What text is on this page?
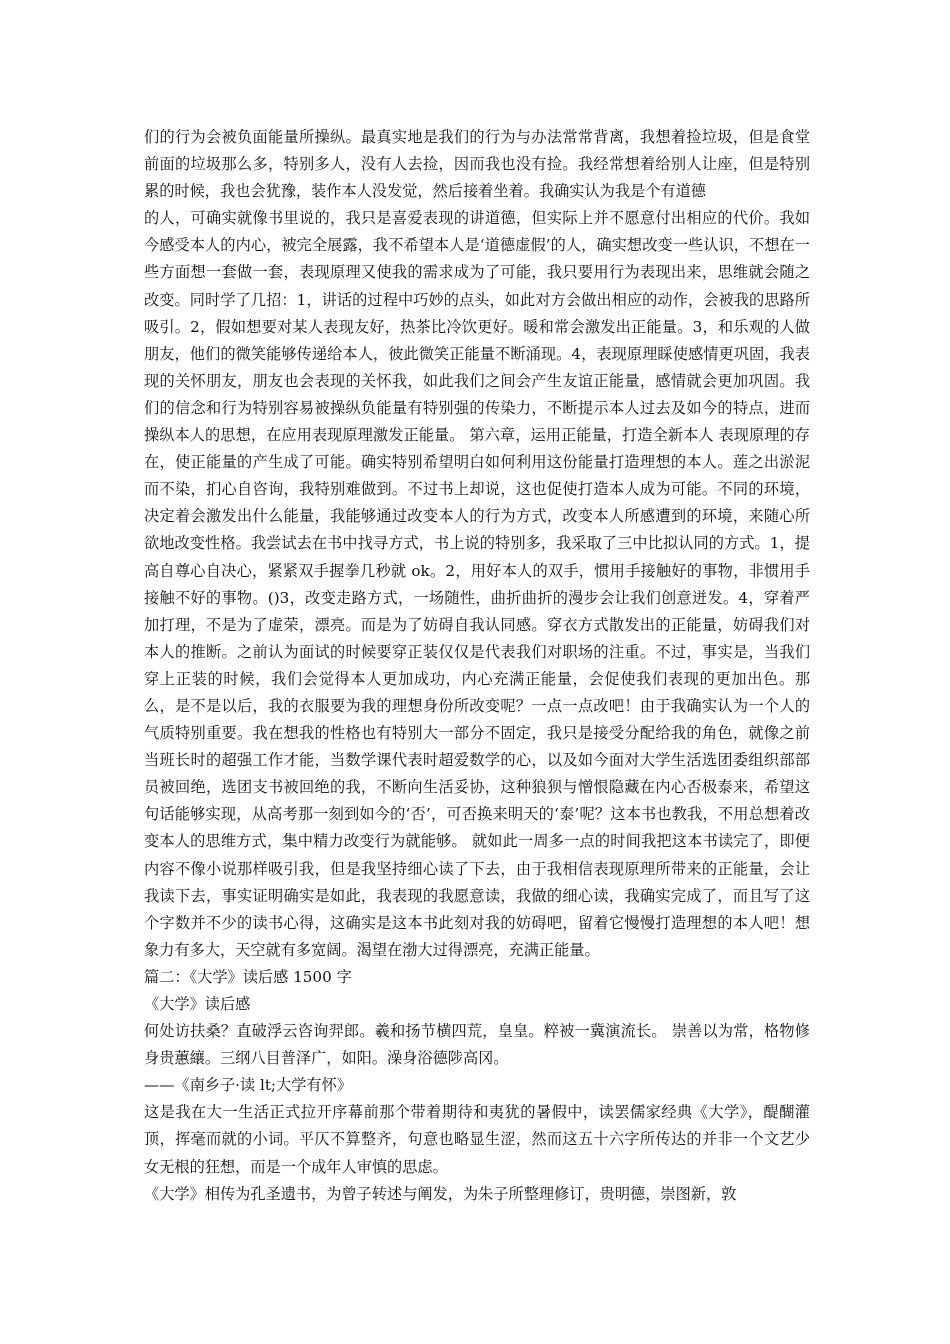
们的行为会被负面能量所操纵。最真实地是我们的行为与办法常常背离，我想着捡垃圾，但是食堂前面的垃圾那么多，特别多人，没有人去捡，因而我也没有捡。我经常想着给别人让座，但是特别累的时候，我也会犹豫，装作本人没发觉，然后接着坐着。我确实认为我是个有道德

的人，可确实就像书里说的，我只是喜爱表现的讲道德，但实际上并不愿意付出相应的代价。我如今感受本人的内心，被完全展露，我不希望本人是‘道德虚假’的人，确实想改变一些认识，不想在一些方面想一套做一套，表现原理又使我的需求成为了可能，我只要用行为表现出来，思维就会随之改变。同时学了几招：1，讲话的过程中巧妙的点头，如此对方会做出相应的动作，会被我的思路所吸引。2，假如想要对某人表现友好，热茶比冷饮更好。暖和常会激发出正能量。3，和乐观的人做朋友，他们的微笑能够传递给本人，彼此微笑正能量不断涌现。4，表现原理睬使感情更巩固，我表现的关怀朋友，朋友也会表现的关怀我，如此我们之间会产生友谊正能量，感情就会更加巩固。我们的信念和行为特别容易被操纵负能量有特别强的传染力，不断提示本人过去及如今的特点，进而操纵本人的思想，在应用表现原理激发正能量。 第六章，运用正能量，打造全新本人 表现原理的存在，使正能量的产生成了可能。确实特别希望明白如何利用这份能量打造理想的本人。莲之出淤泥而不染，扪心自咨询，我特别难做到。不过书上却说，这也促使打造本人成为可能。不同的环境，决定着会激发出什么能量，我能够通过改变本人的行为方式，改变本人所感遭到的环境，来随心所欲地改变性格。我尝试去在书中找寻方式，书上说的特别多，我采取了三中比拟认同的方式。1，提高自尊心自决心，紧紧双手握拳几秒就 ok。2，用好本人的双手，惯用手接触好的事物，非惯用手接触不好的事物。()3，改变走路方式，一场随性，曲折曲折的漫步会让我们创意迸发。4，穿着严加打理，不是为了虚荣，漂亮。而是为了妨碍自我认同感。穿衣方式散发出的正能量，妨碍我们对本人的推断。之前认为面试的时候要穿正装仅仅是代表我们对职场的注重。不过，事实是，当我们穿上正装的时候，我们会觉得本人更加成功，内心充满正能量，会促使我们表现的更加出色。那么，是不是以后，我的衣服要为我的理想身份所改变呢？一点一点改吧！由于我确实认为一个人的气质特别重要。我在想我的性格也有特别大一部分不固定，我只是接受分配给我的角色，就像之前当班长时的超强工作才能，当数学课代表时超爱数学的心，以及如今面对大学生活选团委组织部部员被回绝，选团支书被回绝的我，不断向生活妥协，这种狼狈与憎恨隐藏在内心否极泰来，希望这句话能够实现，从高考那一刻到如今的‘否’，可否换来明天的‘泰’呢？这本书也教我，不用总想着改变本人的思维方式，集中精力改变行为就能够。 就如此一周多一点的时间我把这本书读完了，即便内容不像小说那样吸引我，但是我坚持细心读了下去，由于我相信表现原理所带来的正能量，会让我读下去，事实证明确实是如此，我表现的我愿意读，我做的细心读，我确实完成了，而且写了这个字数并不少的读书心得，这确实是这本书此刻对我的妨碍吧，留着它慢慢打造理想的本人吧！想象力有多大，天空就有多宽阔。渴望在渤大过得漂亮，充满正能量。

篇二：《大学》读后感 1500 字

《大学》读后感

何处访扶桑？直破浮云咨询羿郎。羲和扬节横四荒，皇皇。粹被一冀演流长。 崇善以为常，格物修身贵蕙纕。三纲八目普泽广，如阳。澡身浴德陟高冈。

——《南乡子·读 lt;大学有怀》

这是我在大一生活正式拉开序幕前那个带着期待和夷犹的暑假中，读罢儒家经典《大学》，醍醐灌顶，挥毫而就的小词。平仄不算整齐，句意也略显生涩，然而这五十六字所传达的并非一个文艺少女无根的狂想，而是一个成年人审慎的思虑。

《大学》相传为孔圣遗书，为曾子转述与阐发，为朱子所整理修订，贵明德，崇图新，敦
